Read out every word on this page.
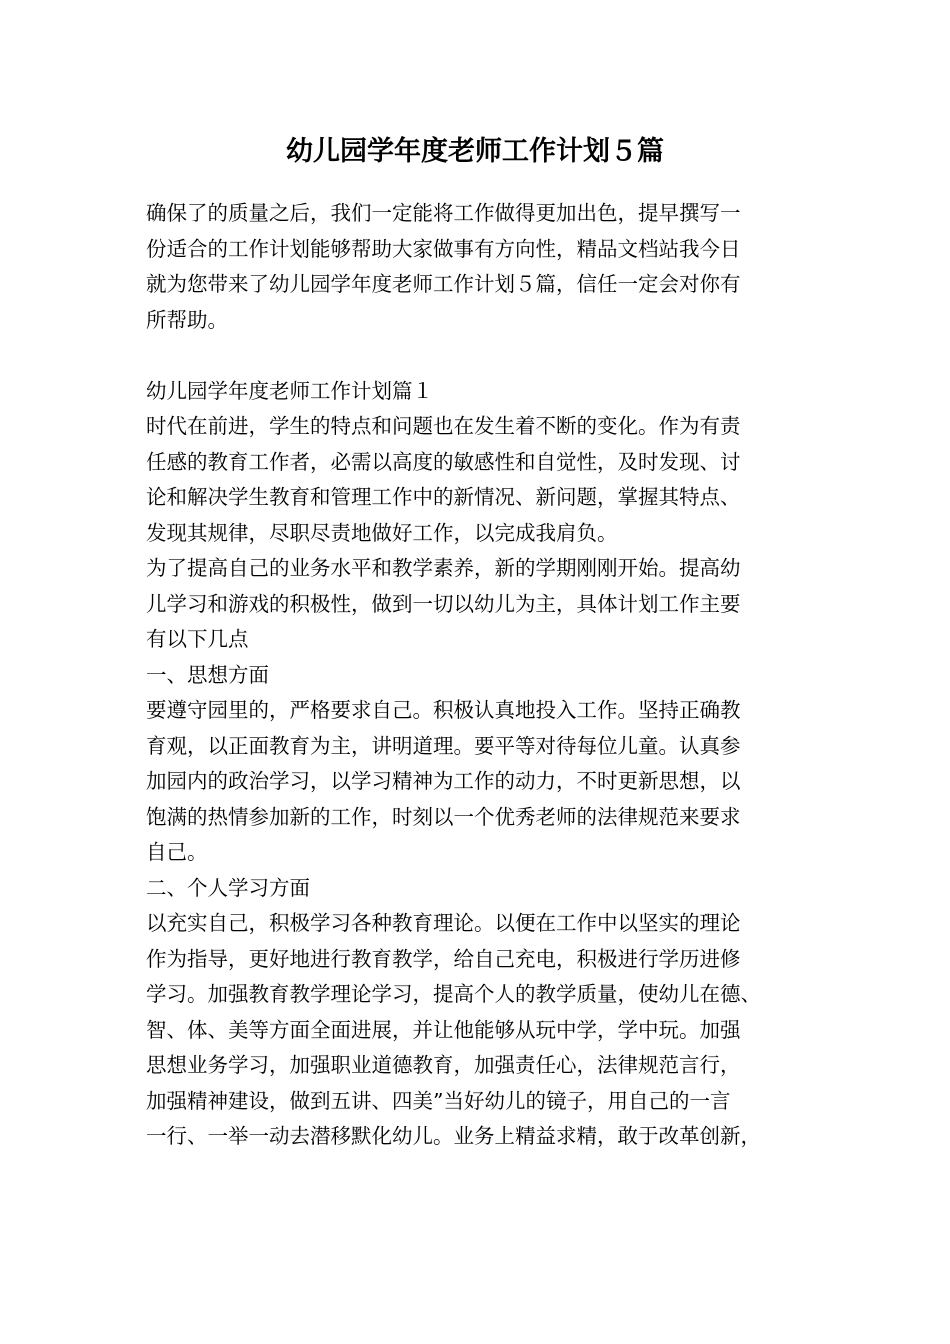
幼儿园学年度老师工作计划５篇
确保了的质量之后，我们一定能将工作做得更加出色，提早撰写一
份适合的工作计划能够帮助大家做事有方向性，精品文档站我今日
就为您带来了幼儿园学年度老师工作计划５篇，信任一定会对你有
所帮助。
幼儿园学年度老师工作计划篇１
时代在前进，学生的特点和问题也在发生着不断的变化。作为有责
任感的教育工作者，必需以高度的敏感性和自觉性，及时发现、讨
论和解决学生教育和管理工作中的新情况、新问题，掌握其特点、
发现其规律，尽职尽责地做好工作，以完成我肩负。
为了提高自己的业务水平和教学素养，新的学期刚刚开始。提高幼
儿学习和游戏的积极性，做到一切以幼儿为主，具体计划工作主要
有以下几点
一、思想方面
要遵守园里的，严格要求自己。积极认真地投入工作。坚持正确教
育观，以正面教育为主，讲明道理。要平等对待每位儿童。认真参
加园内的政治学习，以学习精神为工作的动力，不时更新思想，以
饱满的热情参加新的工作，时刻以一个优秀老师的法律规范来要求
自己。
二、个人学习方面
以充实自己，积极学习各种教育理论。以便在工作中以坚实的理论
作为指导，更好地进行教育教学，给自己充电，积极进行学历进修
学习。加强教育教学理论学习，提高个人的教学质量，使幼儿在德、
智、体、美等方面全面进展，并让他能够从玩中学，学中玩。加强
思想业务学习，加强职业道德教育，加强责任心，法律规范言行，
加强精神建设，做到五讲、四美”当好幼儿的镜子，用自己的一言
一行、一举一动去潜移默化幼儿。业务上精益求精，敢于改革创新，
